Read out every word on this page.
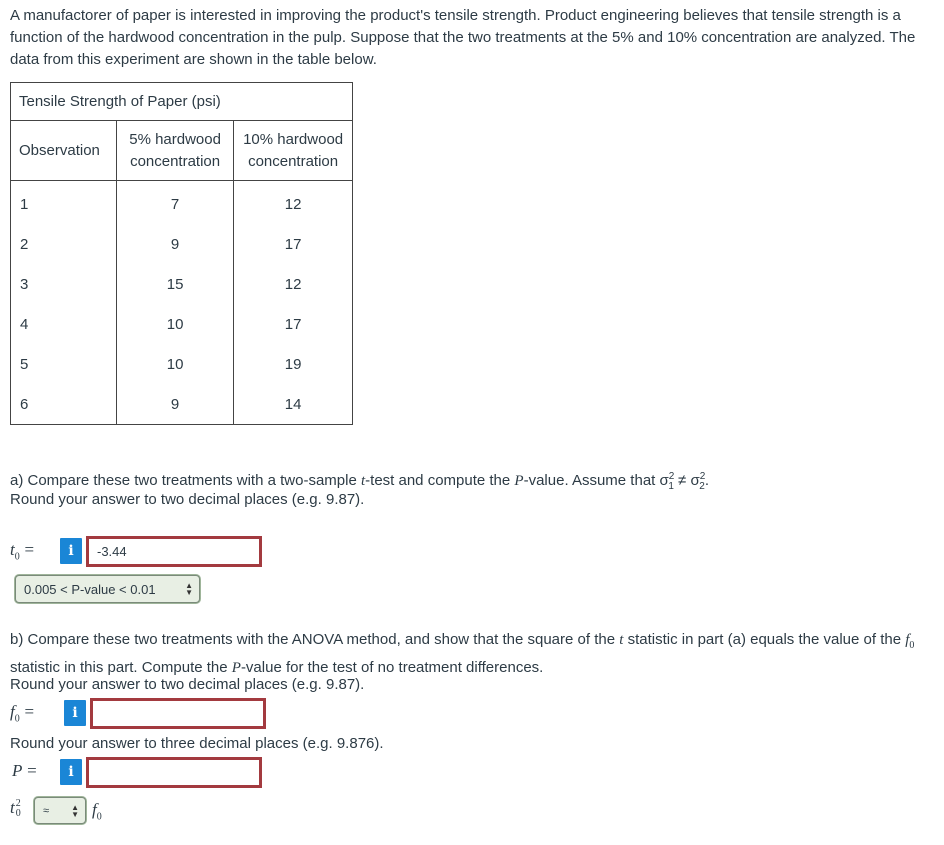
A manufactorer of paper is interested in improving the product's tensile strength. Product engineering believes that tensile strength is a function of the hardwood concentration in the pulp. Suppose that the two treatments at the 5% and 10% concentration are analyzed. The data from this experiment are shown in the table below.

Tensile Strength of Paper (psi)		
Observation	5% hardwood concentration	10% hardwood concentration
1	7	12
2	9	17
3	15	12
4	10	17
5	10	19
6	9	14

a) Compare these two treatments with a two-sample t-test and compute the P-value. Assume that $\sigma^2_1 \ne \sigma^2_2$.

Round your answer to two decimal places (e.g. 9.87).

$t_0$ =	i	-3.44
0.005 < P-value < 0.01	▲
▼

b) Compare these two treatments with the ANOVA method, and show that the square of the t statistic in part (a) equals the value of the $f_0$ statistic in this part. Compute the P-value for the test of no treatment differences.

Round your answer to two decimal places (e.g. 9.87).

$f_0$ =	i

Round your answer to three decimal places (e.g. 9.876).

P =	i
t 2
0 ≈	▲
▼ $f_0$
